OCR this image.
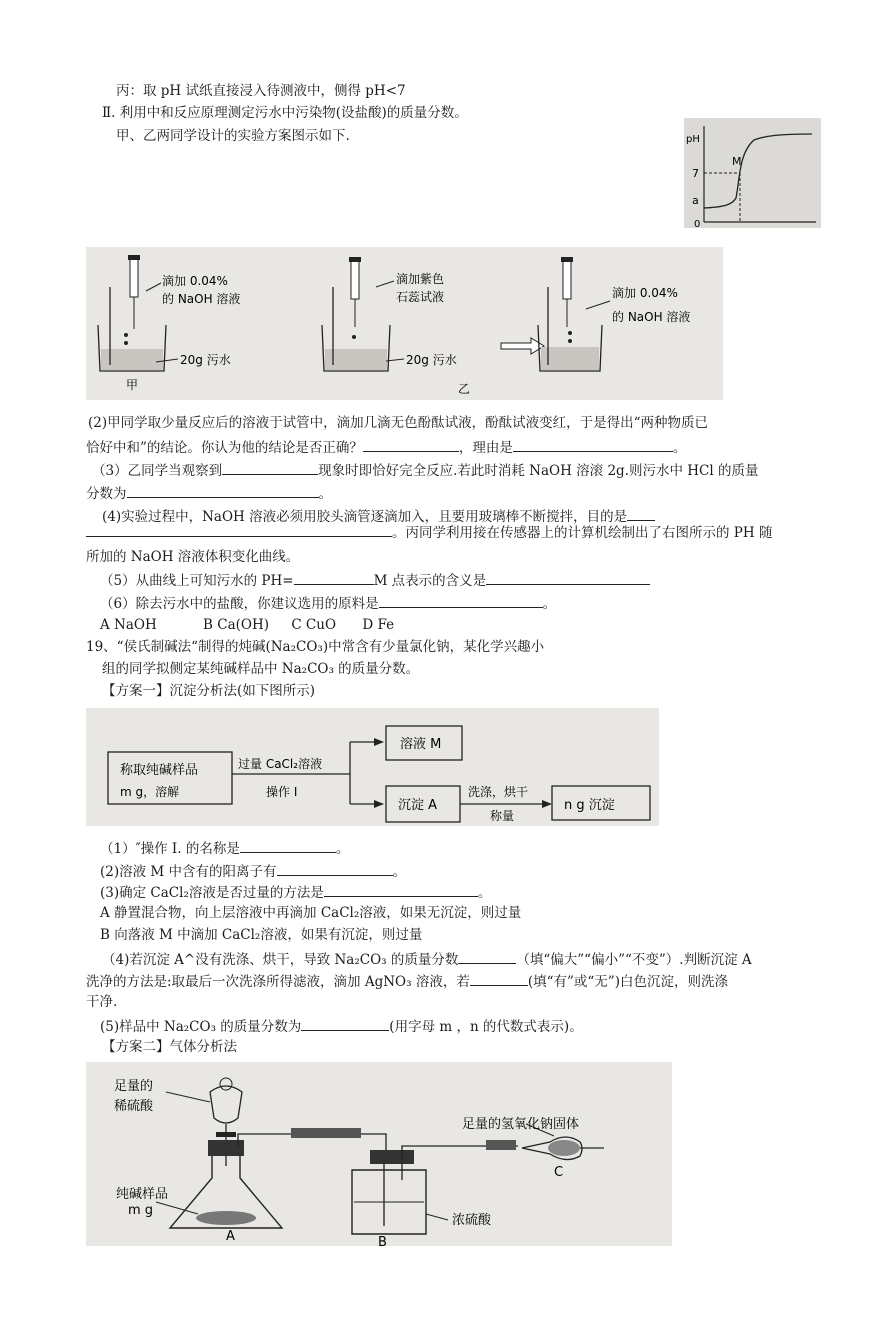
丙：取 pH 试纸直接浸入待测液中，侧得 pH<7
Ⅱ. 利用中和反应原理测定污水中污染物(设盐酸)的质量分数。
甲、乙两同学设计的实验方案图示如下.	pH
7
a
0
M
滴加 0.04%
的 NaOH 溶液
20g 污水
甲
滴加紫色
石蕊试液
20g 污水
滴加 0.04%
的 NaOH 溶液
乙
(2)甲同学取少量反应后的溶液于试管中，滴加几滴无色酚酞试液，酚酞试液变红，于是得出“两种物质已
恰好中和”的结论。你认为他的结论是否正确？	，理由是	。
（3）乙同学当观察到	现象时即恰好完全反应.若此时消耗 NaOH 溶滚 2g.则污水中 HCl 的质量
分数为	。
(4)实验过程中，NaOH 溶液必须用胶头滴管逐滴加入，且要用玻璃棒不断搅拌，目的是
。丙同学利用接在传感器上的计算机绘制出了右图所示的 PH 随
所加的 NaOH 溶液体积变化曲线。
（5）从曲线上可知污水的 PH=	M 点表示的含义是
（6）除去污水中的盐酸，你建议选用的原料是	。
A NaOH	B Ca(OH) C CuO D Fe
19、“侯氏制碱法“制得的炖碱(Na₂CO₃)中常含有少量氯化钠，某化学兴趣小
组的同学拟侧定某纯碱样品中 Na₂CO₃ 的质量分数。
【方案一】沉淀分析法(如下图所示)
称取纯碱样品
m g，溶解
过量 CaCl₂溶液
操作 I
溶液 M
沉淀 A
洗涤，烘干
称量
n g 沉淀
（1）″操作 I. 的名称是	。
(2)溶液 M 中含有的阳离子有	。
(3)确定 CaCl₂溶液是否过量的方法是	。
A 静置混合物，向上层溶液中再滴加 CaCl₂溶液，如果无沉淀，则过量
B 向落液 M 中滴加 CaCl₂溶液，如果有沉淀，则过量
（4)若沉淀 A^没有洗涤、烘干，导致 Na₂CO₃ 的质量分数	（填“偏大”“偏小”“不变”）.判断沉淀 A
洗净的方法是:取最后一次洗涤所得滤液，滴加 AgNO₃ 溶液，若	(填“有”或“无”)白色沉淀，则洗涤
干净.
(5)样品中 Na₂CO₃ 的质量分数为	(用字母 m ，n 的代数式表示)。
【方案二】气体分析法
足量的
稀硫酸
纯碱样品
m g
A
浓硫酸
B
足量的氢氧化钠固体
C
